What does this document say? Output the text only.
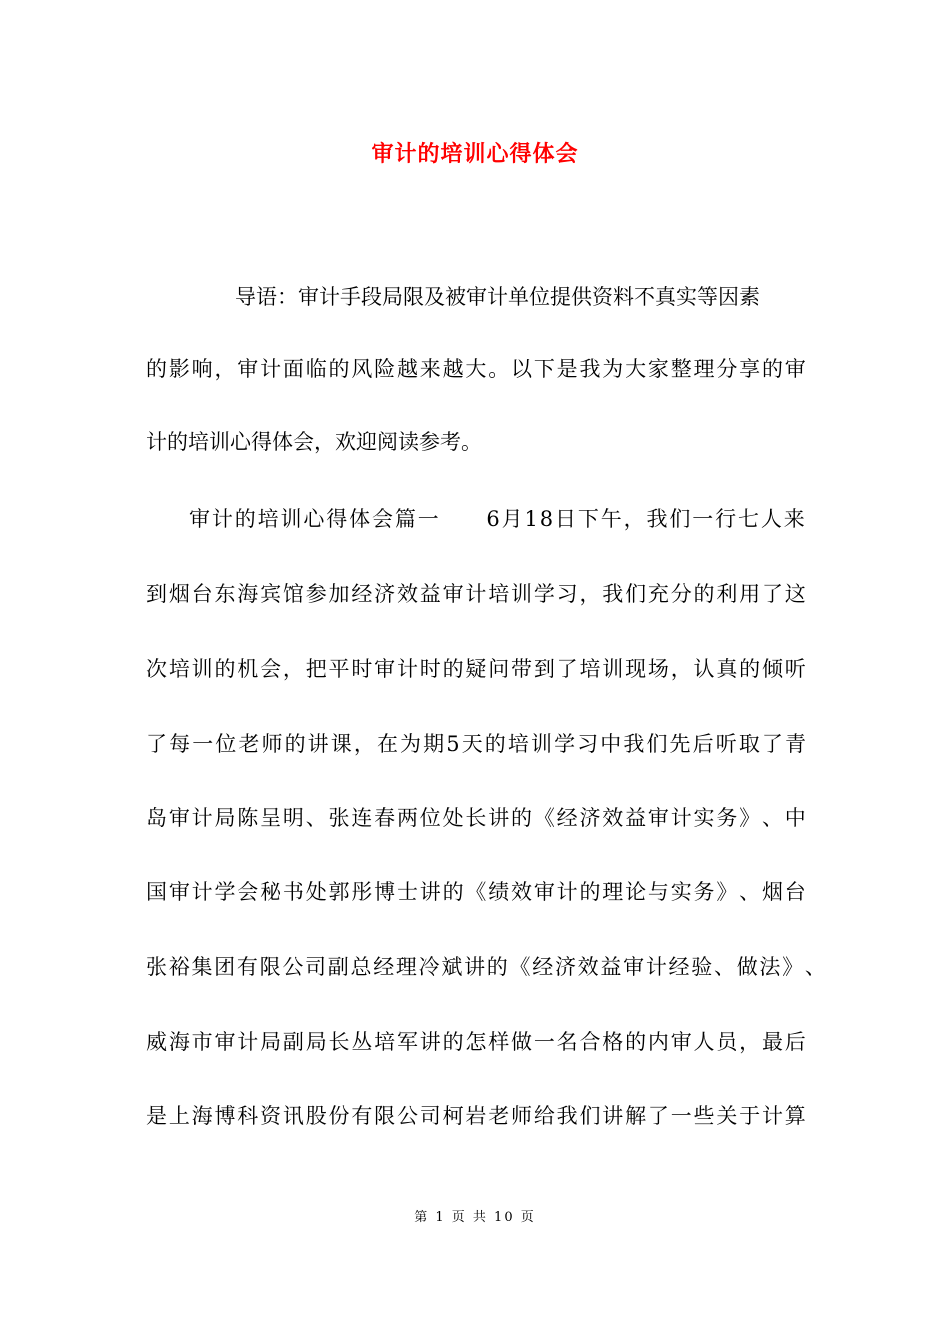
审计的培训心得体会
导语：审计手段局限及被审计单位提供资料不真实等因素
的 影 响 ， 审 计 面 临 的 风 险 越 来 越 大 。 以 下 是 我 为 大 家 整 理 分 享 的 审
计的培训心得体会，欢迎阅读参考。
审 计 的 培 训 心 得 体 会 篇 一

　 6 月 1 8 日 下 午 ， 我 们 一 行 七 人 来
到 烟 台 东 海 宾 馆 参 加 经 济 效 益 审 计 培 训 学 习 ， 我 们 充 分 的 利 用 了 这
次 培 训 的 机 会 ， 把 平 时 审 计 时 的 疑 问 带 到 了 培 训 现 场 ， 认 真 的 倾 听
了 每 一 位 老 师 的 讲 课 ， 在 为 期 5 天 的 培 训 学 习 中 我 们 先 后 听 取 了 青
岛 审 计 局 陈 呈 明 、 张 连 春 两 位 处 长 讲 的 《 经 济 效 益 审 计 实 务 》 、 中
国 审 计 学 会 秘 书 处 郭 彤 博 士 讲 的 《 绩 效 审 计 的 理 论 与 实 务 》 、 烟 台
张 裕 集 团 有 限 公 司 副 总 经 理 冷 斌 讲 的 《 经 济 效 益 审 计 经 验 、 做 法 》 、
威 海 市 审 计 局 副 局 长 丛 培 军 讲 的 怎 样 做 一 名 合 格 的 内 审 人 员 ， 最 后
是 上 海 博 科 资 讯 股 份 有 限 公 司 柯 岩 老 师 给 我 们 讲 解 了 一 些 关 于 计 算
第 1 页 共 10 页
